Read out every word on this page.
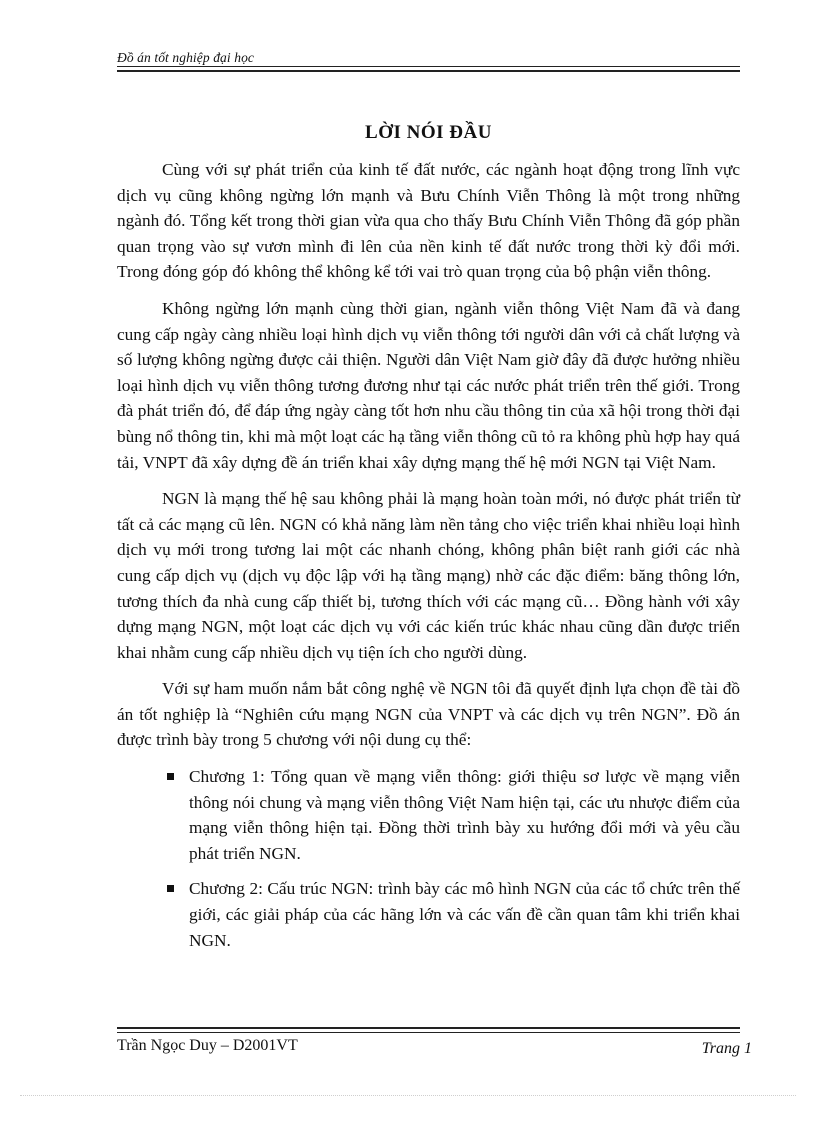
Đồ án tốt nghiệp đại học
LỜI NÓI ĐẦU

Cùng với sự phát triển của kinh tế đất nước, các ngành hoạt động trong lĩnh vực dịch vụ cũng không ngừng lớn mạnh và Bưu Chính Viễn Thông là một trong những ngành đó. Tổng kết trong thời gian vừa qua cho thấy Bưu Chính Viễn Thông đã góp phần quan trọng vào sự vươn mình đi lên của nền kinh tế đất nước trong thời kỳ đổi mới. Trong đóng góp đó không thể không kể tới vai trò quan trọng của bộ phận viễn thông.

Không ngừng lớn mạnh cùng thời gian, ngành viễn thông Việt Nam đã và đang cung cấp ngày càng nhiều loại hình dịch vụ viễn thông tới người dân với cả chất lượng và số lượng không ngừng được cải thiện. Người dân Việt Nam giờ đây đã được hưởng nhiều loại hình dịch vụ viễn thông tương đương như tại các nước phát triển trên thế giới. Trong đà phát triển đó, để đáp ứng ngày càng tốt hơn nhu cầu thông tin của xã hội trong thời đại bùng nổ thông tin, khi mà một loạt các hạ tầng viễn thông cũ tỏ ra không phù hợp hay quá tải, VNPT đã xây dựng đề án triển khai xây dựng mạng thế hệ mới NGN tại Việt Nam.

NGN là mạng thế hệ sau không phải là mạng hoàn toàn mới, nó được phát triển từ tất cả các mạng cũ lên. NGN có khả năng làm nền tảng cho việc triển khai nhiều loại hình dịch vụ mới trong tương lai một các nhanh chóng, không phân biệt ranh giới các nhà cung cấp dịch vụ (dịch vụ độc lập với hạ tầng mạng) nhờ các đặc điểm: băng thông lớn, tương thích đa nhà cung cấp thiết bị, tương thích với các mạng cũ… Đồng hành với xây dựng mạng NGN, một loạt các dịch vụ với các kiến trúc khác nhau cũng dần được triển khai nhằm cung cấp nhiều dịch vụ tiện ích cho người dùng.

Với sự ham muốn nắm bắt công nghệ về NGN tôi đã quyết định lựa chọn đề tài đồ án tốt nghiệp là “Nghiên cứu mạng NGN của VNPT và các dịch vụ trên NGN”. Đồ án được trình bày trong 5 chương với nội dung cụ thể:

Chương 1: Tổng quan về mạng viễn thông: giới thiệu sơ lược về mạng viễn thông nói chung và mạng viễn thông Việt Nam hiện tại, các ưu nhược điểm của mạng viễn thông hiện tại. Đồng thời trình bày xu hướng đổi mới và yêu cầu phát triển NGN.
Chương 2: Cấu trúc NGN: trình bày các mô hình NGN của các tổ chức trên thế giới, các giải pháp của các hãng lớn và các vấn đề cần quan tâm khi triển khai NGN.
Trần Ngọc Duy – D2001VT	Trang 1
